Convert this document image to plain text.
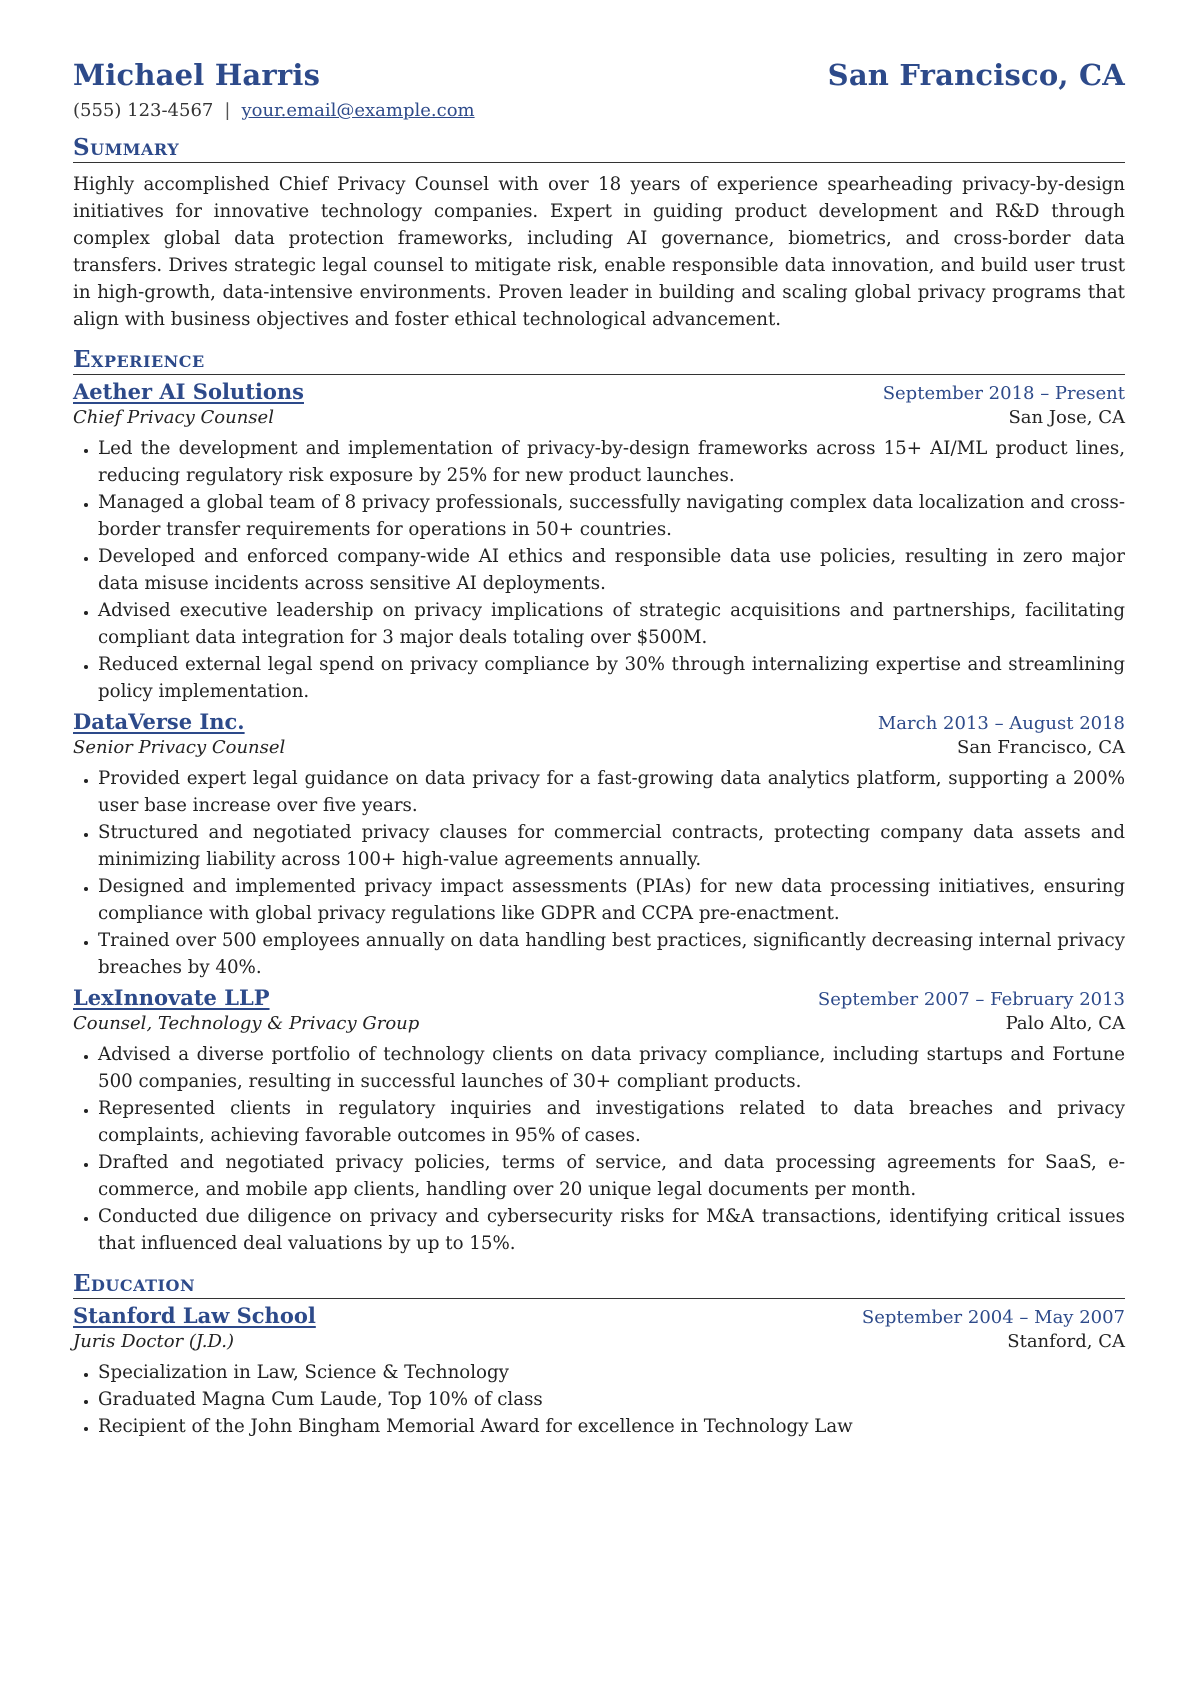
Michael Harris	San Francisco, CA
(555) 123-4567 | your.email@example.com
Summary
Highly accomplished Chief Privacy Counsel with over 18 years of experience spearheading privacy-by-design initiatives for innovative technology companies. Expert in guiding product development and R&D through complex global data protection frameworks, including AI governance, biometrics, and cross-border data transfers. Drives strategic legal counsel to mitigate risk, enable responsible data innovation, and build user trust in high-growth, data-intensive environments. Proven leader in building and scaling global privacy programs that align with business objectives and foster ethical technological advancement.
Experience
Aether AI Solutions	September 2018 – Present
Chief Privacy Counsel	San Jose, CA
• Led the development and implementation of privacy-by-design frameworks across 15+ AI/ML product lines, reducing regulatory risk exposure by 25% for new product launches.
• Managed a global team of 8 privacy professionals, successfully navigating complex data localization and cross-border transfer requirements for operations in 50+ countries.
• Developed and enforced company-wide AI ethics and responsible data use policies, resulting in zero major data misuse incidents across sensitive AI deployments.
• Advised executive leadership on privacy implications of strategic acquisitions and partnerships, facilitating compliant data integration for 3 major deals totaling over $500M.
• Reduced external legal spend on privacy compliance by 30% through internalizing expertise and streamlining policy implementation.
DataVerse Inc.	March 2013 – August 2018
Senior Privacy Counsel	San Francisco, CA
• Provided expert legal guidance on data privacy for a fast-growing data analytics platform, supporting a 200% user base increase over five years.
• Structured and negotiated privacy clauses for commercial contracts, protecting company data assets and minimizing liability across 100+ high-value agreements annually.
• Designed and implemented privacy impact assessments (PIAs) for new data processing initiatives, ensuring compliance with global privacy regulations like GDPR and CCPA pre-enactment.
• Trained over 500 employees annually on data handling best practices, significantly decreasing internal privacy breaches by 40%.
LexInnovate LLP	September 2007 – February 2013
Counsel, Technology & Privacy Group	Palo Alto, CA
• Advised a diverse portfolio of technology clients on data privacy compliance, including startups and Fortune 500 companies, resulting in successful launches of 30+ compliant products.
• Represented clients in regulatory inquiries and investigations related to data breaches and privacy complaints, achieving favorable outcomes in 95% of cases.
• Drafted and negotiated privacy policies, terms of service, and data processing agreements for SaaS, e-commerce, and mobile app clients, handling over 20 unique legal documents per month.
• Conducted due diligence on privacy and cybersecurity risks for M&A transactions, identifying critical issues that influenced deal valuations by up to 15%.
Education
Stanford Law School	September 2004 – May 2007
Juris Doctor (J.D.)	Stanford, CA
• Specialization in Law, Science & Technology
• Graduated Magna Cum Laude, Top 10% of class
• Recipient of the John Bingham Memorial Award for excellence in Technology Law
